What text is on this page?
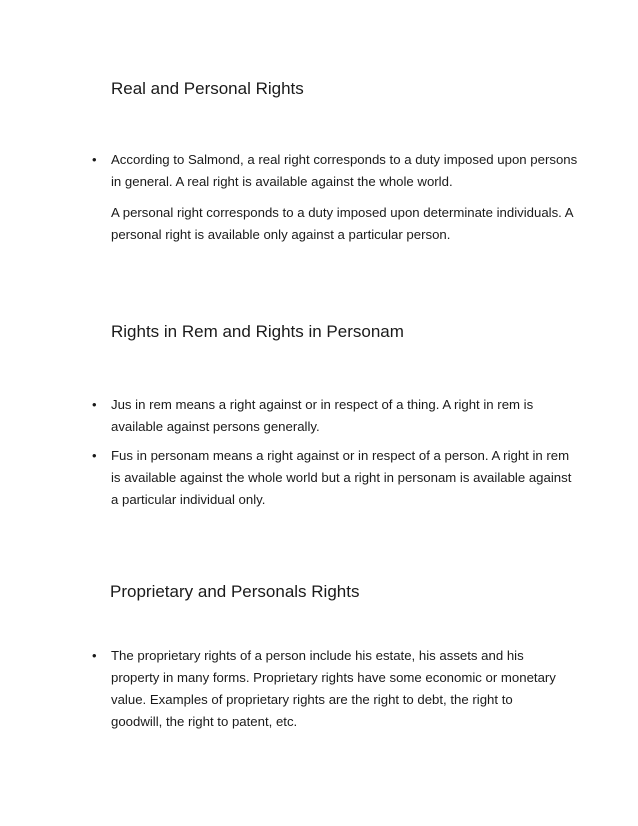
Real and Personal Rights
• According to Salmond, a real right corresponds to a duty imposed upon persons in general. A real right is available against the whole world.

A personal right corresponds to a duty imposed upon determinate individuals. A personal right is available only against a particular person.

Rights in Rem and Rights in Personam
• Jus in rem means a right against or in respect of a thing. A right in rem is available against persons generally.

• Fus in personam means a right against or in respect of a person. A right in rem is available against the whole world but a right in personam is available against a particular individual only.

Proprietary and Personals Rights
• The proprietary rights of a person include his estate, his assets and his property in many forms. Proprietary rights have some economic or monetary value. Examples of proprietary rights are the right to debt, the right to goodwill, the right to patent, etc.
